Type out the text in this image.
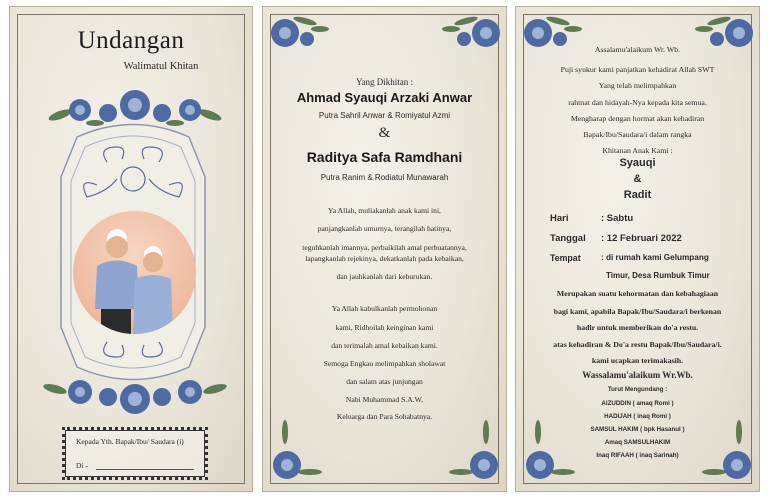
Undangan
Walimatul Khitan
Kepada Yth. Bapak/Ibu/ Saudara (i)
Di -
Yang Dikhitan :
Ahmad Syauqi Arzaki Anwar
Putra Sahril Anwar & Romiyatul Azmi
&
Raditya Safa Ramdhani
Putra Ranim & Rodiatul Munawarah
Ya Allah, muliakanlah anak kami ini,
panjangkanlah umurnya, terangilah hatinya,
teguhkanlah imannya, perbaikilah amal perbuatannya,
lapangkanlah rejekinya, dekatkanlah pada kebaikan,
dan jauhkanlah dari keburukan.
Ya Allah kabulkanlah permohonan
kami, Ridhoilah keinginan kami
dan terimalah amal kebaikan kami.
Semoga Engkau melimpahkan sholawat
dan salam atas junjungan
Nabi Muhammad S.A.W,
Keluarga dan Para Sohabatnya.
Assalamu'alaikum Wr. Wb.
Puji syukur kami panjatkan kehadirat Allah SWT
Yang telah melimpahkan
rahmat dan hidayah-Nya kepada kita semua.
Mengharap dengan hormat akan kehadiran
Bapak/Ibu/Saudara/i dalam rangka
Khitanan Anak Kami :
Syauqi
&
Radit
Hari	: Sabtu
Tanggal : 12 Februari 2022
Tempat : di rumah kami Gelumpang
Timur, Desa Rumbuk Timur
Merupakan suatu kehormatan dan kebahagiaan
bagi kami, apabila Bapak/Ibu/Saudara/i berkenan
hadir untuk memberikan do'a restu.
atas kehadiran & Do'a restu Bapak/Ibu/Saudara/i.
kami ucapkan terimakasih.
Wassalamu'alaikum Wr.Wb.
Turut Mengundang :
AIZUDDIN ( amaq Romi )
HADIJAH ( inaq Romi )
SAMSUL HAKIM ( bpk Hasanul )
Amaq SAMSULHAKIM
Inaq RIFAAH ( inaq Sarinah)
